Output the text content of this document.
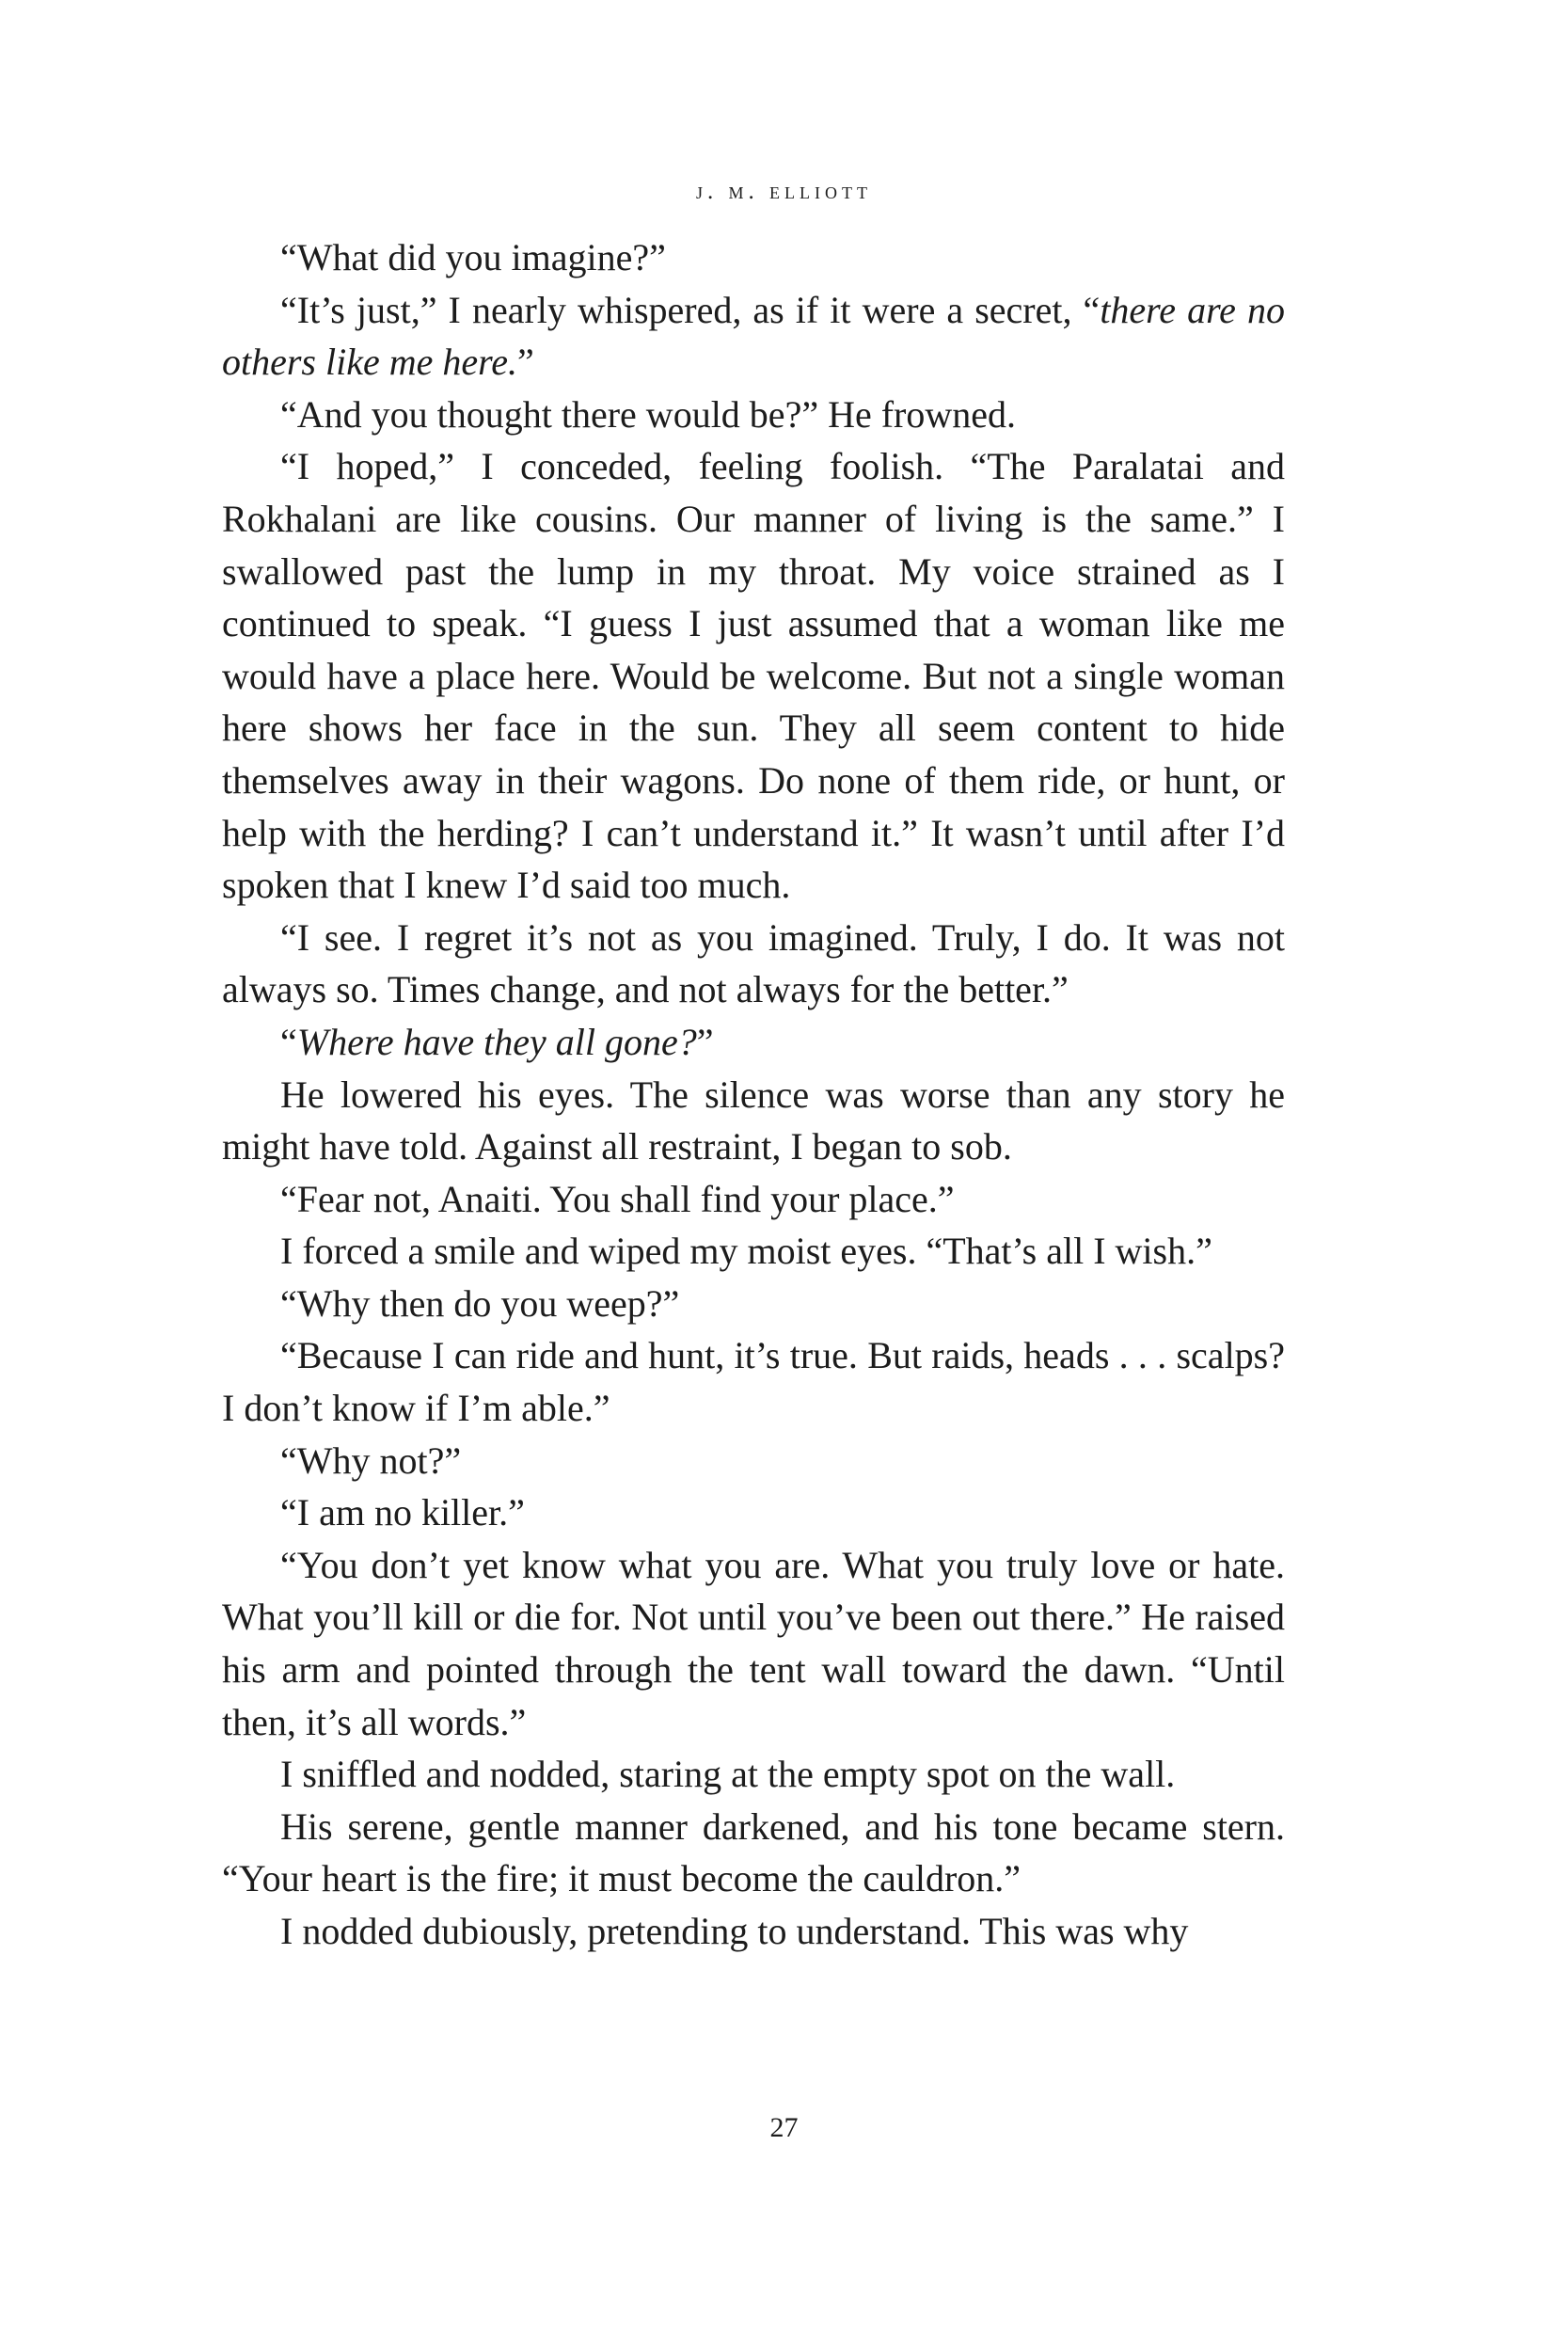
j. m. elliott

“What did you imagine?”

“It’s just,” I nearly whispered, as if it were a secret, “there are no others like me here.”

“And you thought there would be?” He frowned.

“I hoped,” I conceded, feeling foolish. “The Paralatai and Rokhalani are like cousins. Our manner of living is the same.” I swallowed past the lump in my throat. My voice strained as I continued to speak. “I guess I just assumed that a woman like me would have a place here. Would be welcome. But not a single woman here shows her face in the sun. They all seem content to hide themselves away in their wagons. Do none of them ride, or hunt, or help with the herding? I can’t understand it.” It wasn’t until after I’d spoken that I knew I’d said too much.

“I see. I regret it’s not as you imagined. Truly, I do. It was not always so. Times change, and not always for the better.”

“Where have they all gone?”

He lowered his eyes. The silence was worse than any story he might have told. Against all restraint, I began to sob.

“Fear not, Anaiti. You shall find your place.”

I forced a smile and wiped my moist eyes. “That’s all I wish.”

“Why then do you weep?”

“Because I can ride and hunt, it’s true. But raids, heads . . . scalps? I don’t know if I’m able.”

“Why not?”

“I am no killer.”

“You don’t yet know what you are. What you truly love or hate. What you’ll kill or die for. Not until you’ve been out there.” He raised his arm and pointed through the tent wall toward the dawn. “Until then, it’s all words.”

I sniffled and nodded, staring at the empty spot on the wall.

His serene, gentle manner darkened, and his tone became stern. “Your heart is the fire; it must become the cauldron.”

I nodded dubiously, pretending to understand. This was why

27
